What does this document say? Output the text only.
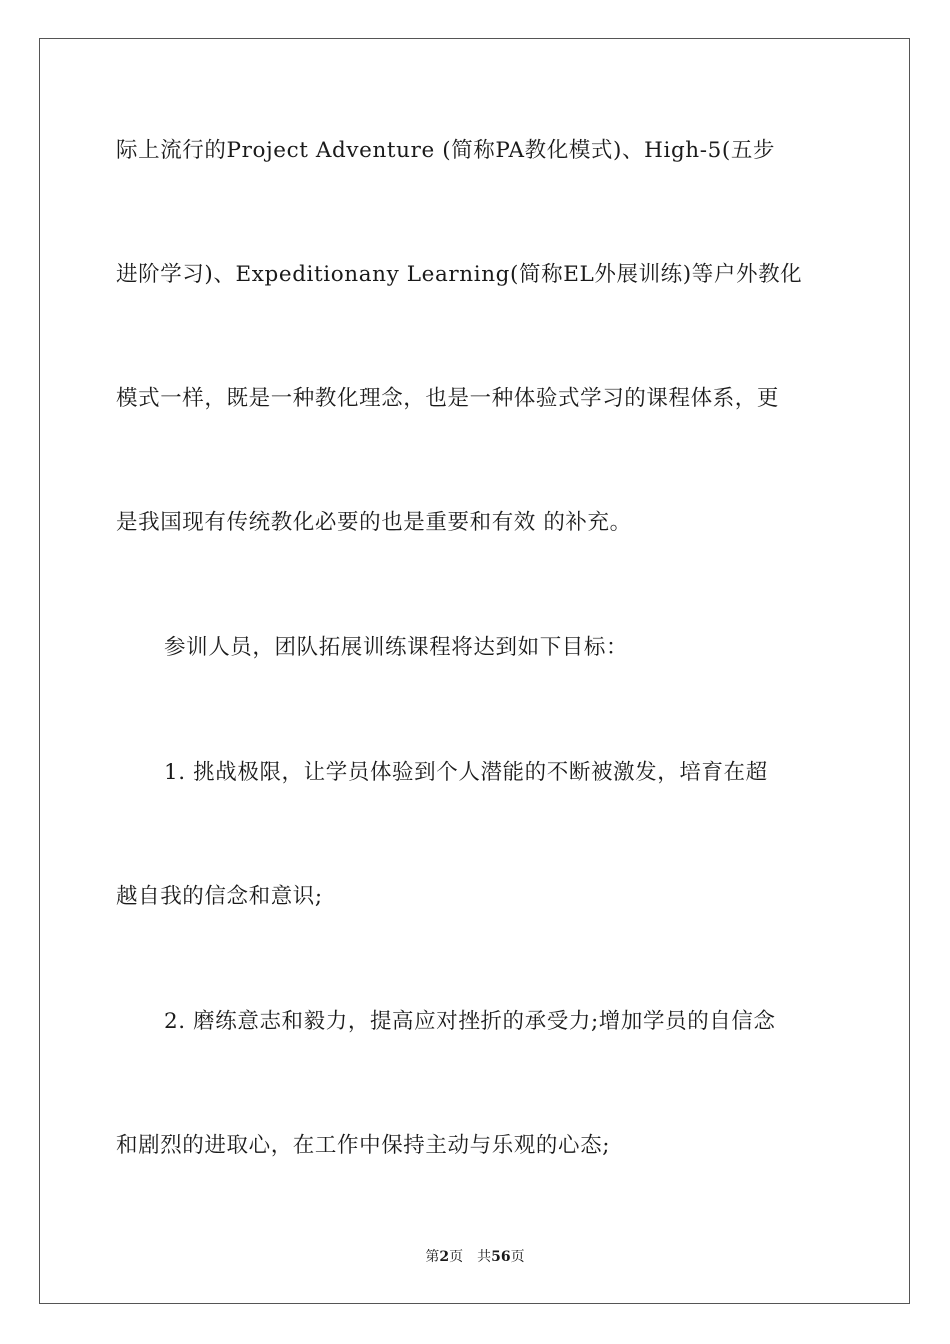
际上流行的Project Adventure (简称PA教化模式)、High-5(五步
进阶学习)、Expeditionany Learning(简称EL外展训练)等户外教化
模式一样，既是一种教化理念，也是一种体验式学习的课程体系，更
是我国现有传统教化必要的也是重要和有效 的补充。
参训人员，团队拓展训练课程将达到如下目标：
1. 挑战极限，让学员体验到个人潜能的不断被激发，培育在超
越自我的信念和意识;
2. 磨练意志和毅力，提高应对挫折的承受力;增加学员的自信念
和剧烈的进取心，在工作中保持主动与乐观的心态;
第2页 共56页
